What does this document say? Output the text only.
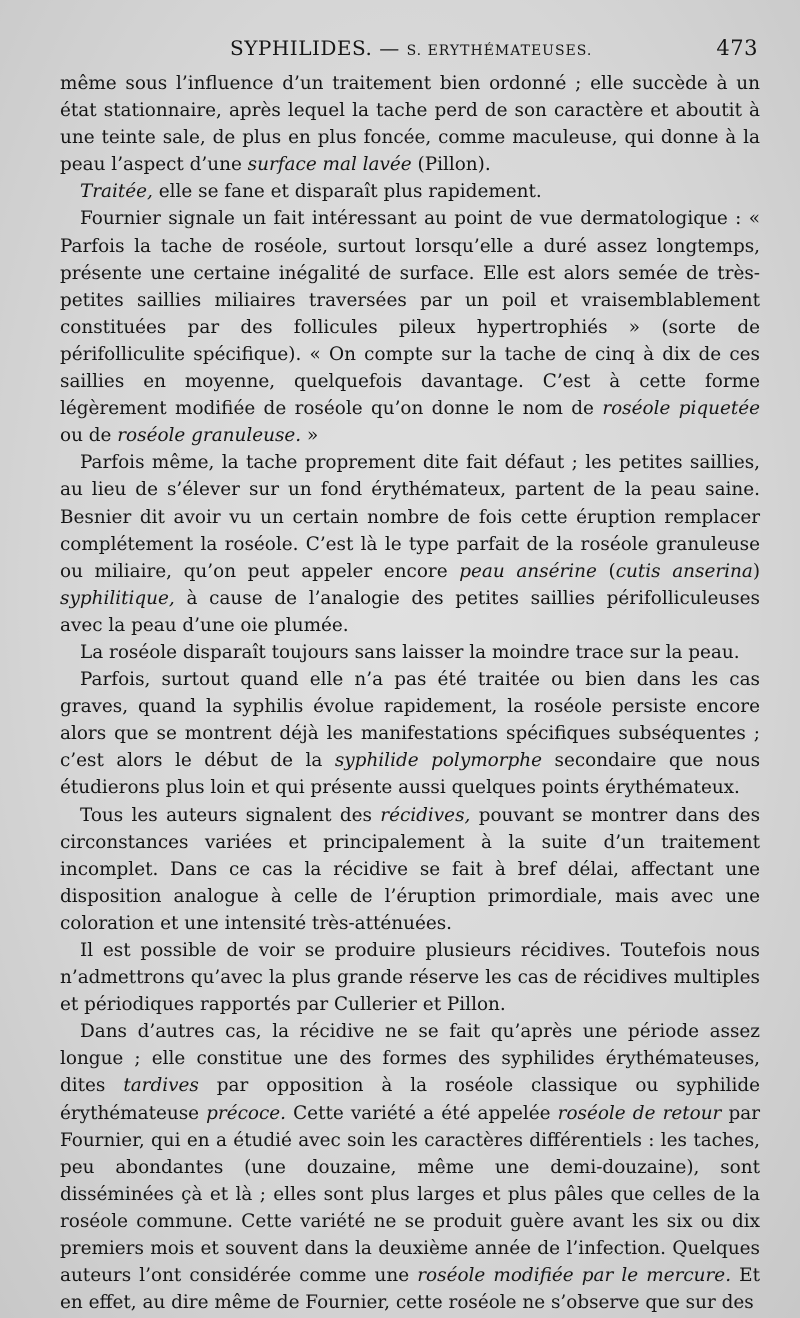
SYPHILIDES. — S. ERYTHÉMATEUSES.	473

même sous l’influence d’un traitement bien ordonné ; elle succède à un état stationnaire, après lequel la tache perd de son caractère et aboutit à une teinte sale, de plus en plus foncée, comme maculeuse, qui donne à la peau l’aspect d’une surface mal lavée (Pillon).

Traitée, elle se fane et disparaît plus rapidement.

Fournier signale un fait intéressant au point de vue dermatologique : « Parfois la tache de roséole, surtout lorsqu’elle a duré assez longtemps, présente une certaine inégalité de surface. Elle est alors semée de très-petites saillies miliaires traversées par un poil et vraisemblablement constituées par des follicules pileux hypertrophiés » (sorte de périfolliculite spécifique). « On compte sur la tache de cinq à dix de ces saillies en moyenne, quelquefois davantage. C’est à cette forme légèrement modifiée de roséole qu’on donne le nom de roséole piquetée ou de roséole granuleuse. »

Parfois même, la tache proprement dite fait défaut ; les petites saillies, au lieu de s’élever sur un fond érythémateux, partent de la peau saine. Besnier dit avoir vu un certain nombre de fois cette éruption remplacer complétement la roséole. C’est là le type parfait de la roséole granuleuse ou miliaire, qu’on peut appeler encore peau ansérine (cutis anserina) syphilitique, à cause de l’analogie des petites saillies périfolliculeuses avec la peau d’une oie plumée.

La roséole disparaît toujours sans laisser la moindre trace sur la peau.

Parfois, surtout quand elle n’a pas été traitée ou bien dans les cas graves, quand la syphilis évolue rapidement, la roséole persiste encore alors que se montrent déjà les manifestations spécifiques subséquentes ; c’est alors le début de la syphilide polymorphe secondaire que nous étudierons plus loin et qui présente aussi quelques points érythémateux.

Tous les auteurs signalent des récidives, pouvant se montrer dans des circonstances variées et principalement à la suite d’un traitement incomplet. Dans ce cas la récidive se fait à bref délai, affectant une disposition analogue à celle de l’éruption primordiale, mais avec une coloration et une intensité très-atténuées.

Il est possible de voir se produire plusieurs récidives. Toutefois nous n’admettrons qu’avec la plus grande réserve les cas de récidives multiples et périodiques rapportés par Cullerier et Pillon.

Dans d’autres cas, la récidive ne se fait qu’après une période assez longue ; elle constitue une des formes des syphilides érythémateuses, dites tardives par opposition à la roséole classique ou syphilide érythémateuse précoce. Cette variété a été appelée roséole de retour par Fournier, qui en a étudié avec soin les caractères différentiels : les taches, peu abondantes (une douzaine, même une demi-douzaine), sont disséminées çà et là ; elles sont plus larges et plus pâles que celles de la roséole commune. Cette variété ne se produit guère avant les six ou dix premiers mois et souvent dans la deuxième année de l’infection. Quelques auteurs l’ont considérée comme une roséole modifiée par le mercure. Et en effet, au dire même de Fournier, cette roséole ne s’observe que sur des
